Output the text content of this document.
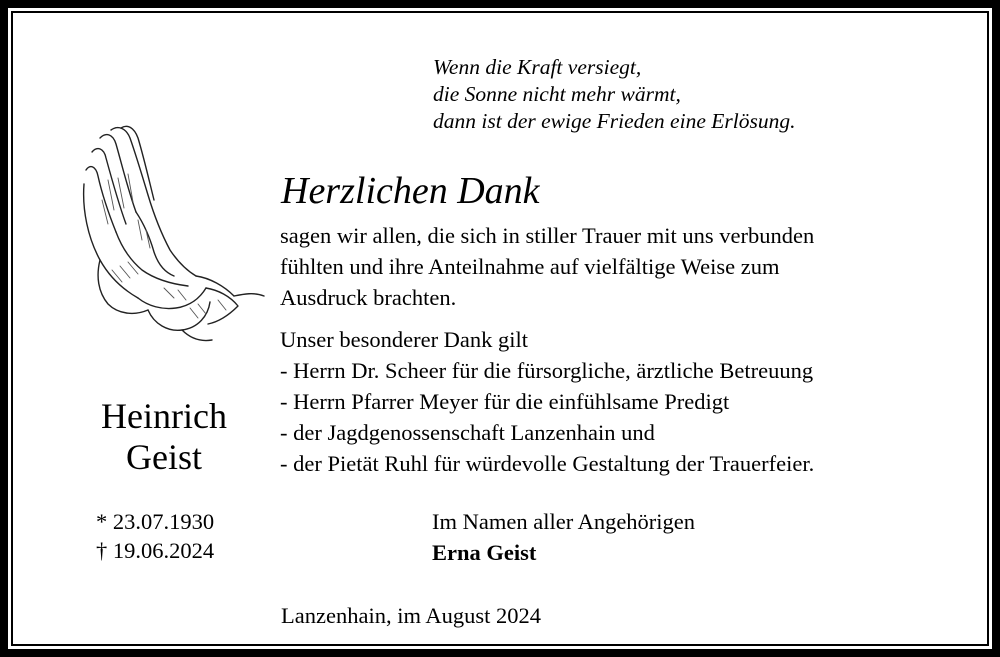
Wenn die Kraft versiegt,
die Sonne nicht mehr wärmt,
dann ist der ewige Frieden eine Erlösung.
Herzlichen Dank
sagen wir allen, die sich in stiller Trauer mit uns verbunden
fühlten und ihre Anteilnahme auf vielfältige Weise zum
Ausdruck brachten.
Unser besonderer Dank gilt
- Herrn Dr. Scheer für die fürsorgliche, ärztliche Betreuung
- Herrn Pfarrer Meyer für die einfühlsame Predigt
- der Jagdgenossenschaft Lanzenhain und
- der Pietät Ruhl für würdevolle Gestaltung der Trauerfeier.
Heinrich
Geist
* 23.07.1930
† 19.06.2024
Im Namen aller Angehörigen
Erna Geist
Lanzenhain, im August 2024
